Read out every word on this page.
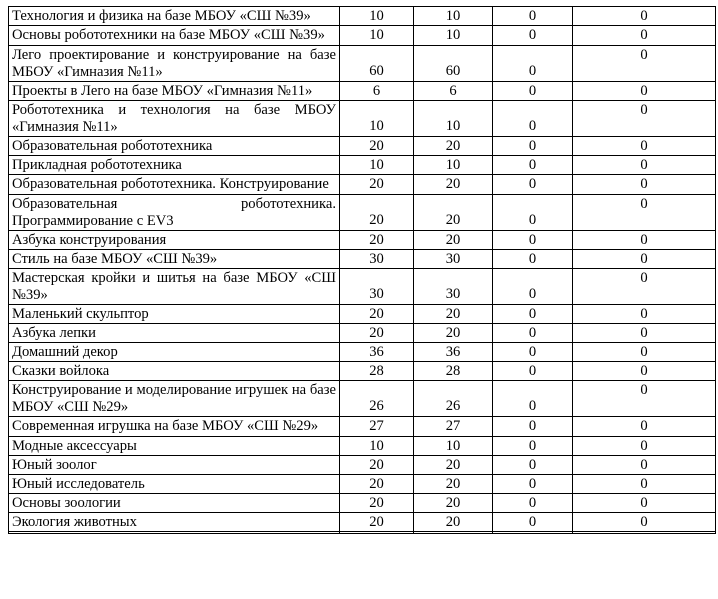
Технология и физика на базе МБОУ «СШ №39»	10	10	0	0
Основы робототехники на базе МБОУ «СШ №39»	10	10	0	0
Лего проектирование и конструирование на базе МБОУ «Гимназия №11»	60	60	0	0
Проекты в Лего на базе МБОУ «Гимназия №11»	6	6	0	0
Робототехника и технология на базе МБОУ «Гимназия №11»	10	10	0	0
Образовательная робототехника	20	20	0	0
Прикладная робототехника	10	10	0	0
Образовательная робототехника. Конструирование	20	20	0	0
Образовательная робототехника. Программирование с EV3	20	20	0	0
Азбука конструирования	20	20	0	0
Стиль на базе МБОУ «СШ №39»	30	30	0	0
Мастерская кройки и шитья на базе МБОУ «СШ №39»	30	30	0	0
Маленький скульптор	20	20	0	0
Азбука лепки	20	20	0	0
Домашний декор	36	36	0	0
Сказки войлока	28	28	0	0
Конструирование и моделирование игрушек на базе МБОУ «СШ №29»	26	26	0	0
Современная игрушка на базе МБОУ «СШ №29»	27	27	0	0
Модные аксессуары	10	10	0	0
Юный зоолог	20	20	0	0
Юный исследователь	20	20	0	0
Основы зоологии	20	20	0	0
Экология животных	20	20	0	0
